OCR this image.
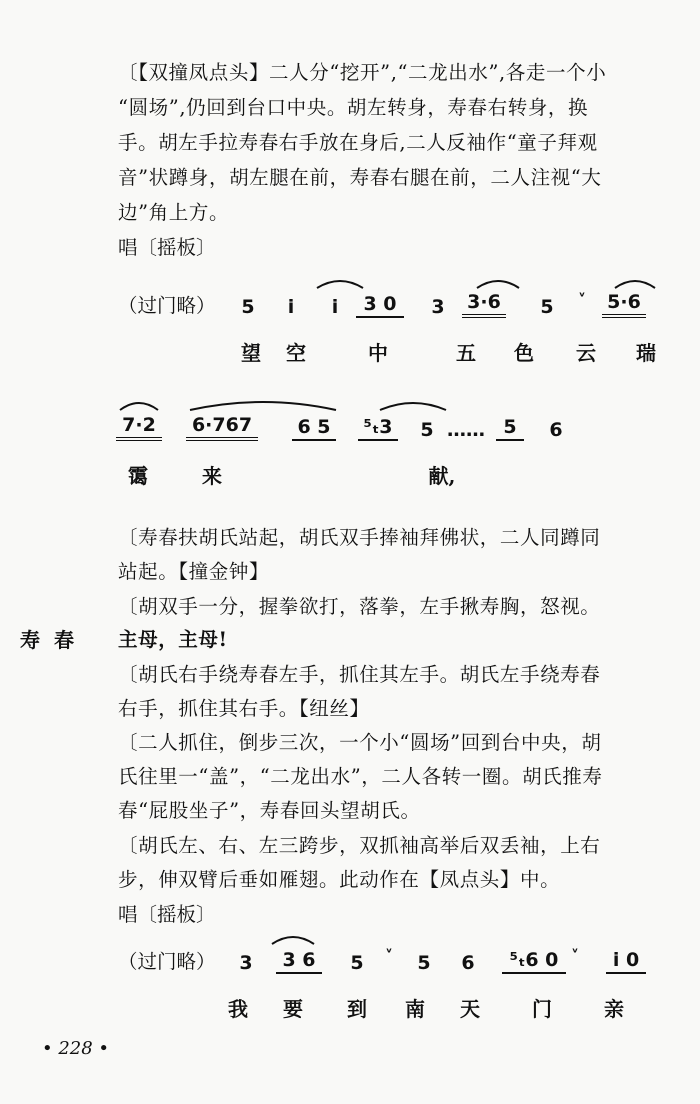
〔【双撞凤点头】二人分“挖开”,“二龙出水”,各走一个小
“圆场”,仍回到台口中央。胡左转身，寿春右转身，换
手。胡左手拉寿春右手放在身后,二人反袖作“童子拜观
音”状蹲身，胡左腿在前，寿春右腿在前，二人注视“大
边”角上方。
唱〔摇板〕
（过门略）	5	i	i	3 0	3	3·6	5	ᵛ	5·6
望	空	中	五	色	云	瑞
7·2	6·767	6 5 ⁵ₜ3	5 …… 5	6
霭	来	献,
〔寿春扶胡氏站起，胡氏双手捧袖拜佛状，二人同蹲同
站起。【撞金钟】
〔胡双手一分，握拳欲打，落拳，左手揪寿胸，怒视。
寿春 主母，主母!
〔胡氏右手绕寿春左手，抓住其左手。胡氏左手绕寿春
右手，抓住其右手。【纽丝】
〔二人抓住，倒步三次，一个小“圆场”回到台中央，胡
氏往里一“盖”，“二龙出水”，二人各转一圈。胡氏推寿
春“屁股坐子”，寿春回头望胡氏。
〔胡氏左、右、左三跨步，双抓袖高举后双丢袖，上右
步，伸双臂后垂如雁翅。此动作在【凤点头】中。
唱〔摇板〕
（过门略）	3	3 6	5	ᵛ	5	6	⁵ₜ6 0	ᵛ	i 0
我	要	到	南	天	门	亲
• 228 •
